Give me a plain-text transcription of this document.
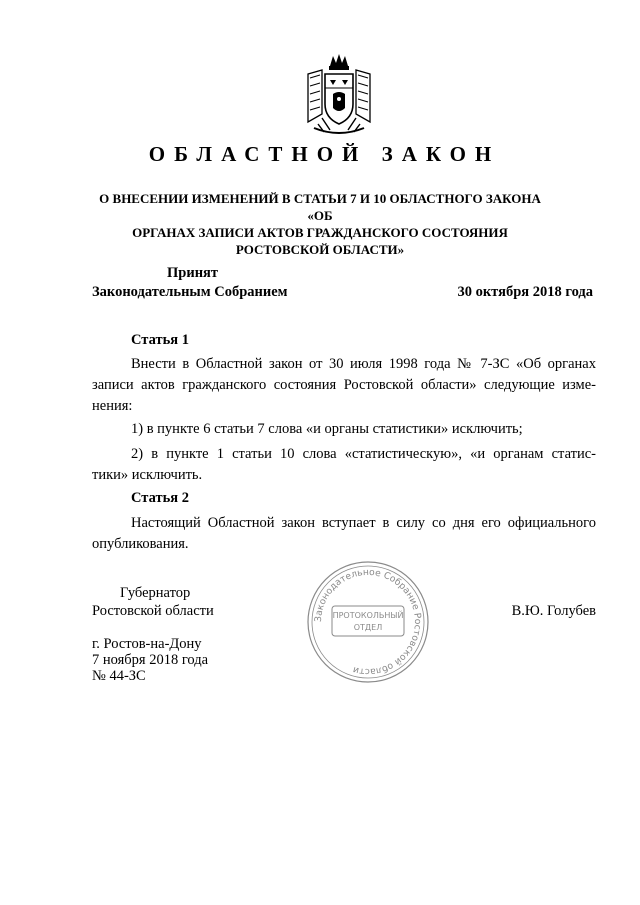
ОБЛАСТНОЙ ЗАКОН
О ВНЕСЕНИИ ИЗМЕНЕНИЙ В СТАТЬИ 7 И 10 ОБЛАСТНОГО ЗАКОНА «ОБ
ОРГАНАХ ЗАПИСИ АКТОВ ГРАЖДАНСКОГО СОСТОЯНИЯ
РОСТОВСКОЙ ОБЛАСТИ»
Принят
Законодательным Собранием	30 октября 2018 года
Статья 1
Внести в Областной закон от 30 июля 1998 года № 7-ЗС «Об органах
записи актов гражданского состояния Ростовской области» следующие изме-
нения:
1) в пункте 6 статьи 7 слова «и органы статистики» исключить;
2) в пункте 1 статьи 10 слова «статистическую», «и органам статис-
тики» исключить.
Статья 2
Настоящий Областной закон вступает в силу со дня его официального
опубликования.
Губернатор
Ростовской области	В.Ю. Голубев
Законодательное Собрание Ростовской области
ПРОТОКОЛЬНЫЙ
ОТДЕЛ
г. Ростов-на-Дону
7 ноября 2018 года
№ 44-ЗС
